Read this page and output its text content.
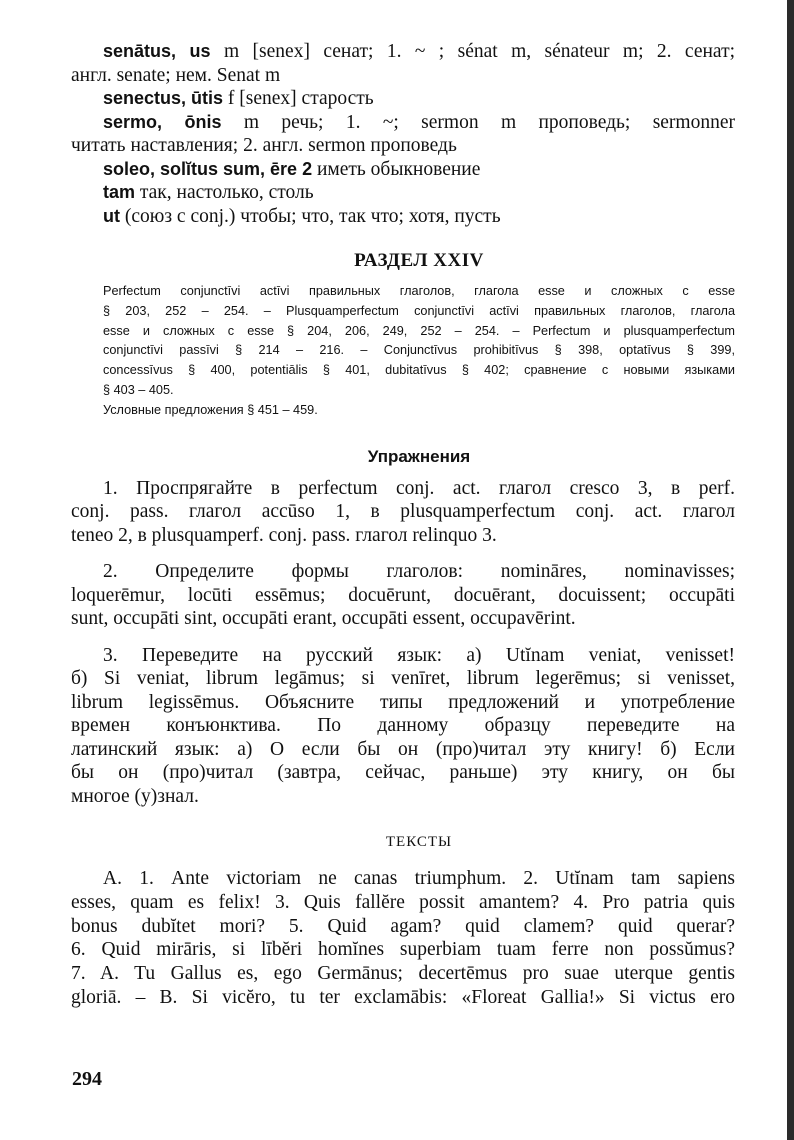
senātus, us m [senex] сенат; 1. ~ ; sénat m, sénateur m; 2. сенат;

англ. senate; нем. Senat m

senectus, ūtis f [senex] старость

sermo, ōnis m речь; 1. ~; sermon m проповедь; sermonner

читать наставления; 2. англ. sermon проповедь

soleo, solĭtus sum, ēre 2 иметь обыкновение

tam так, настолько, столь

ut (союз с conj.) чтобы; что, так что; хотя, пусть

РАЗДЕЛ XXIV

Perfectum conjunctīvi actīvi правильных глаголов, глагола esse и сложных с esse

§ 203, 252 – 254. – Plusquamperfectum conjunctīvi actīvi правильных глаголов, глагола

esse и сложных с esse § 204, 206, 249, 252 – 254. – Perfectum и plusquamperfectum

conjunctīvi passīvi § 214 – 216. – Conjunctīvus prohibitīvus § 398, optatīvus § 399,

concessīvus § 400, potentiālis § 401, dubitatīvus § 402; сравнение с новыми языками

§ 403 – 405.

Условные предложения § 451 – 459.

Упражнения

1. Проспрягайте в perfectum conj. act. глагол cresco 3, в perf.

conj. pass. глагол accūso 1, в plusquamperfectum conj. act. глагол

teneo 2, в plusquamperf. conj. pass. глагол relinquo 3.

2. Определите формы глаголов: nomināres, nominavisses;

loquerēmur, locūti essēmus; docuērunt, docuērant, docuissent; occupāti

sunt, occupāti sint, occupāti erant, occupāti essent, occupavērint.

3. Переведите на русский язык: а) Utĭnam veniat, venisset!

б) Si veniat, librum legāmus; si venīret, librum legerēmus; si venisset,

librum legissēmus. Объясните типы предложений и употребление

времен конъюнктива. По данному образцу переведите на

латинский язык: а) О если бы он (про)читал эту книгу! б) Если

бы он (про)читал (завтра, сейчас, раньше) эту книгу, он бы

многое (у)знал.

ТЕКСТЫ

А. 1. Ante victoriam ne canas triumphum. 2. Utĭnam tam sapiens

esses, quam es felix! 3. Quis fallĕre possit amantem? 4. Pro patria quis

bonus dubĭtet mori? 5. Quid agam? quid clamem? quid querar?

6. Quid mirāris, si lībĕri homĭnes superbiam tuam ferre non possŭmus?

7. A. Tu Gallus es, ego Germānus; decertēmus pro suae uterque gentis

gloriā. – B. Si vicĕro, tu ter exclamābis: «Floreat Gallia!» Si victus ero

294
